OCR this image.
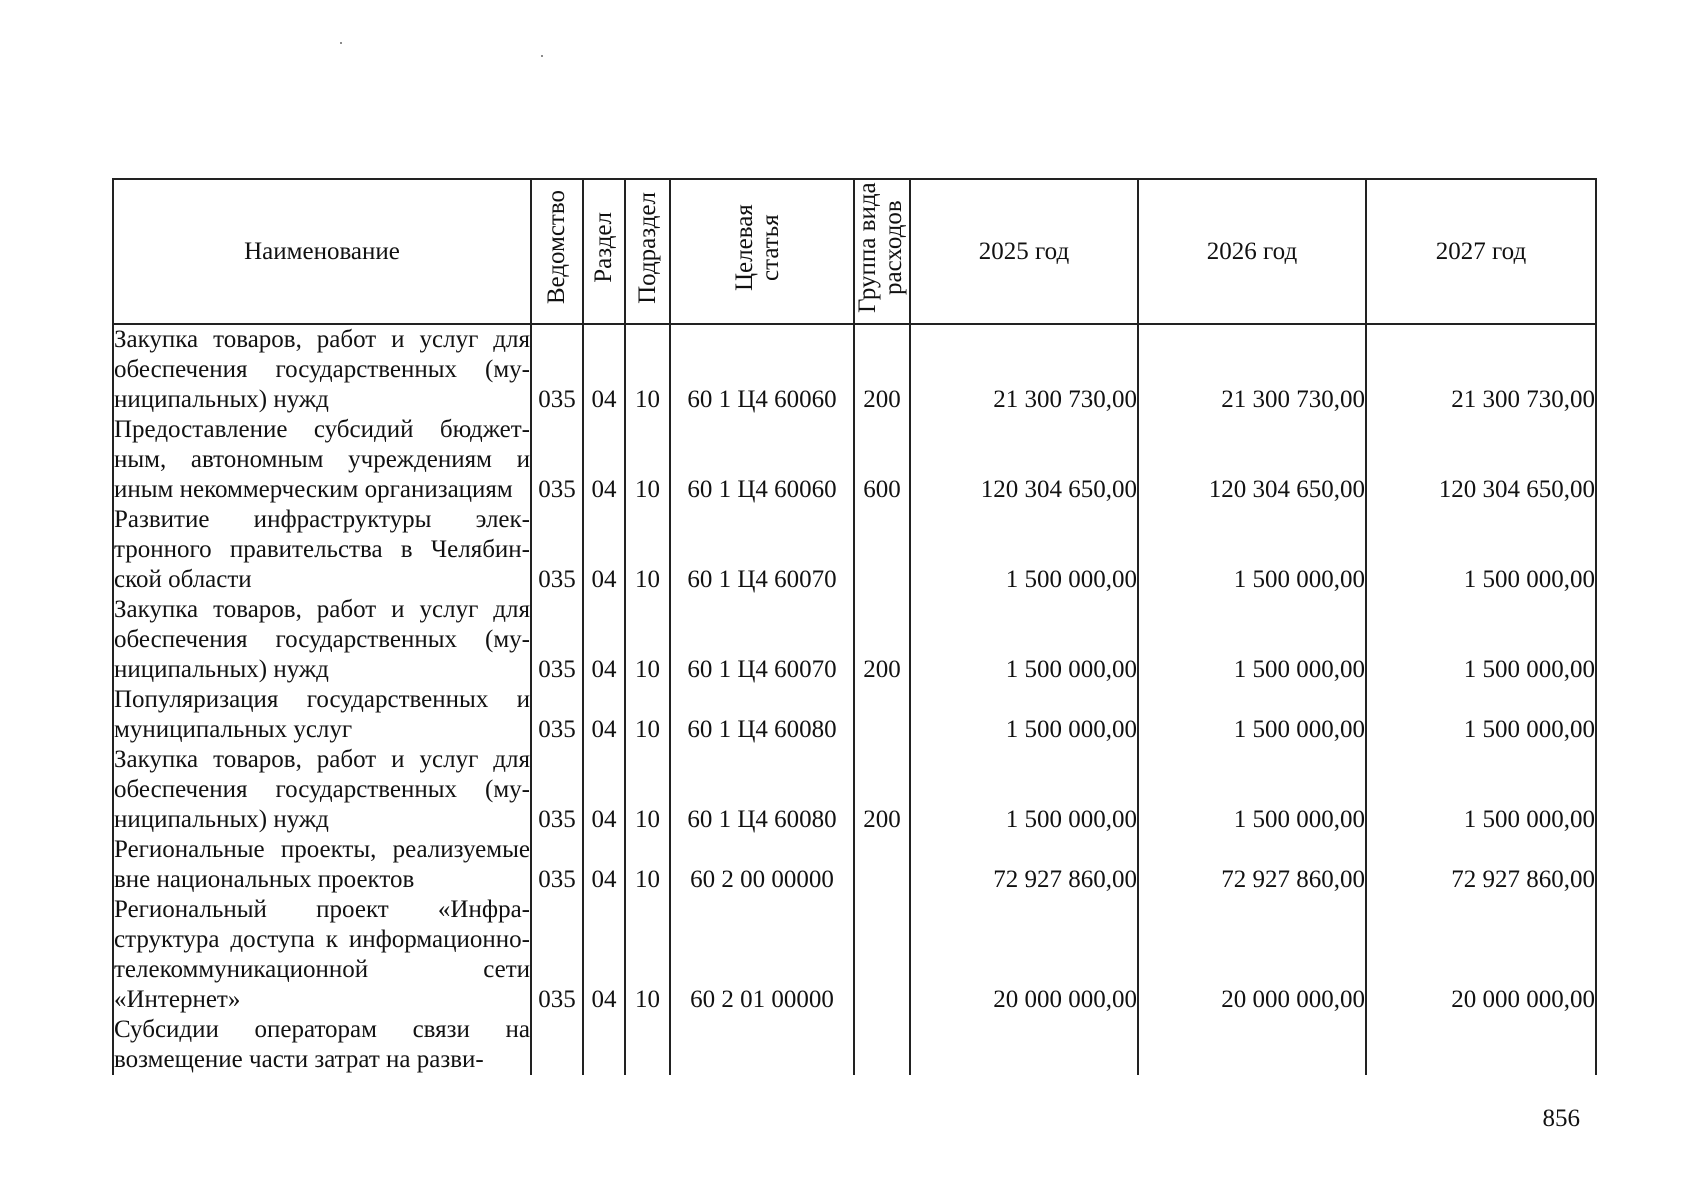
Наименование	Ведомство	Раздел	Подраздел	Целевая статья	Группа вида расходов	2025 год	2026 год	2027 год
Закупка товаров, работ и услуг для обеспечения государственных (муниципальных) нужд	035	04	10	60 1 Ц4 60060	200	21 300 730,00	21 300 730,00	21 300 730,00
Предоставление субсидий бюджетным, автономным учреждениям и иным некоммерческим организациям	035	04	10	60 1 Ц4 60060	600	120 304 650,00	120 304 650,00	120 304 650,00
Развитие инфраструктуры электронного правительства в Челябинской области	035	04	10	60 1 Ц4 60070		1 500 000,00	1 500 000,00	1 500 000,00
Закупка товаров, работ и услуг для обеспечения государственных (муниципальных) нужд	035	04	10	60 1 Ц4 60070	200	1 500 000,00	1 500 000,00	1 500 000,00
Популяризация государственных и муниципальных услуг	035	04	10	60 1 Ц4 60080		1 500 000,00	1 500 000,00	1 500 000,00
Закупка товаров, работ и услуг для обеспечения государственных (муниципальных) нужд	035	04	10	60 1 Ц4 60080	200	1 500 000,00	1 500 000,00	1 500 000,00
Региональные проекты, реализуемые вне национальных проектов	035	04	10	60 2 00 00000		72 927 860,00	72 927 860,00	72 927 860,00
Региональный проект «Инфраструктура доступа к информационно-телекоммуникационной сети «Интернет»	035	04	10	60 2 01 00000		20 000 000,00	20 000 000,00	20 000 000,00
Субсидии операторам связи на возмещение части затрат на разви-								
856
